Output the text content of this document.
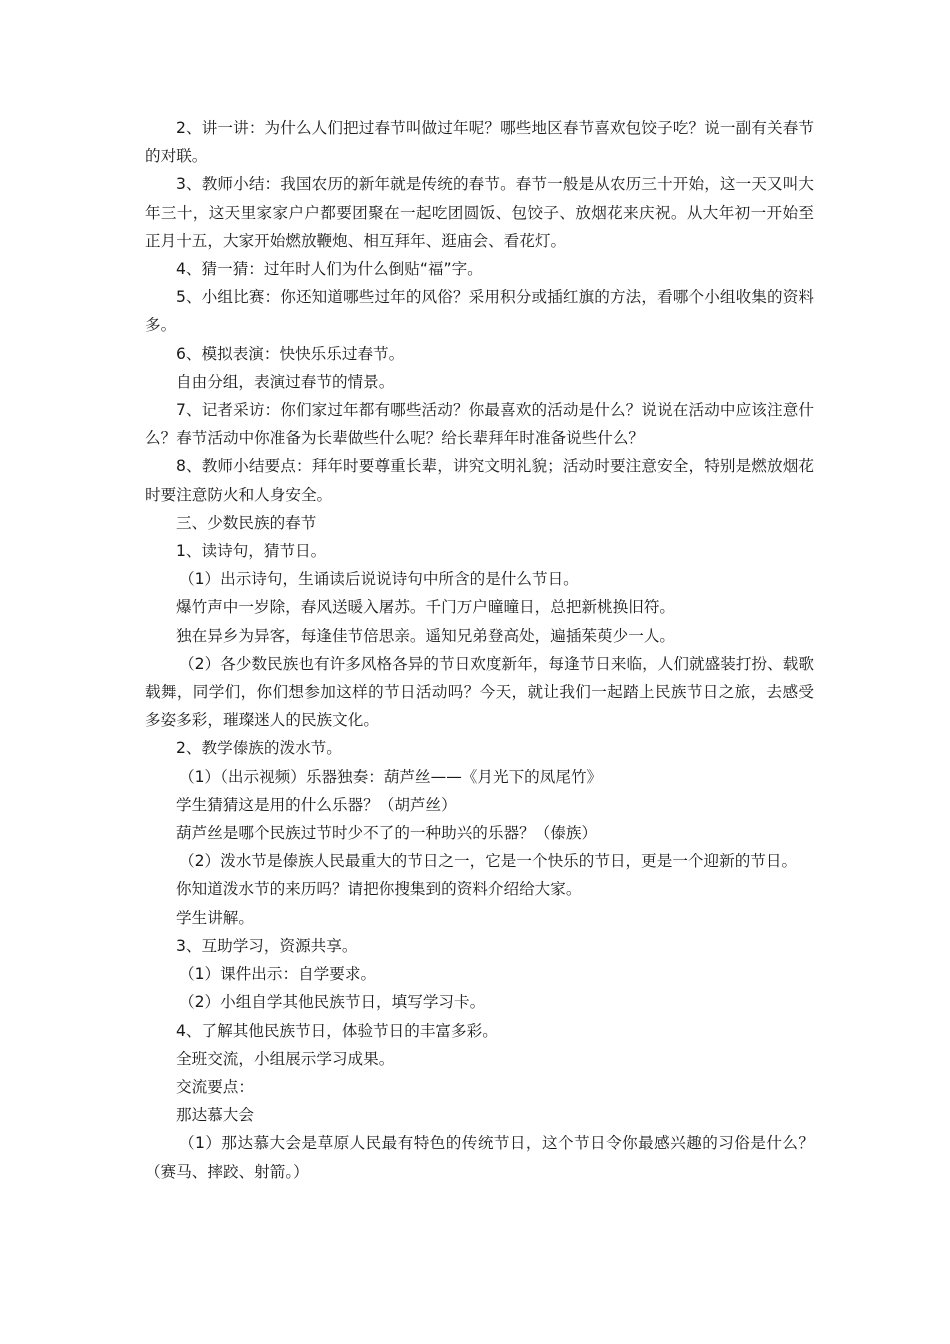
2、讲一讲：为什么人们把过春节叫做过年呢？哪些地区春节喜欢包饺子吃？说一副有关春节的对联。

3、教师小结：我国农历的新年就是传统的春节。春节一般是从农历三十开始，这一天又叫大年三十，这天里家家户户都要团聚在一起吃团圆饭、包饺子、放烟花来庆祝。从大年初一开始至正月十五，大家开始燃放鞭炮、相互拜年、逛庙会、看花灯。

4、猜一猜：过年时人们为什么倒贴“福”字。

5、小组比赛：你还知道哪些过年的风俗？采用积分或插红旗的方法，看哪个小组收集的资料多。

6、模拟表演：快快乐乐过春节。

自由分组，表演过春节的情景。

7、记者采访：你们家过年都有哪些活动？你最喜欢的活动是什么？说说在活动中应该注意什么？春节活动中你准备为长辈做些什么呢？给长辈拜年时准备说些什么？

8、教师小结要点：拜年时要尊重长辈，讲究文明礼貌；活动时要注意安全，特别是燃放烟花时要注意防火和人身安全。

三、少数民族的春节

1、读诗句，猜节日。

（1）出示诗句，生诵读后说说诗句中所含的是什么节日。

爆竹声中一岁除，春风送暖入屠苏。千门万户曈曈日，总把新桃换旧符。

独在异乡为异客，每逢佳节倍思亲。遥知兄弟登高处，遍插茱萸少一人。

（2）各少数民族也有许多风格各异的节日欢度新年，每逢节日来临，人们就盛装打扮、载歌载舞，同学们，你们想参加这样的节日活动吗？今天，就让我们一起踏上民族节日之旅，去感受多姿多彩，璀璨迷人的民族文化。

2、教学傣族的泼水节。

（1）（出示视频）乐器独奏：葫芦丝——《月光下的凤尾竹》

学生猜猜这是用的什么乐器？（胡芦丝）

葫芦丝是哪个民族过节时少不了的一种助兴的乐器？（傣族）

（2）泼水节是傣族人民最重大的节日之一，它是一个快乐的节日，更是一个迎新的节日。

你知道泼水节的来历吗？请把你搜集到的资料介绍给大家。

学生讲解。

3、互助学习，资源共享。

（1）课件出示：自学要求。

（2）小组自学其他民族节日，填写学习卡。

4、了解其他民族节日，体验节日的丰富多彩。

全班交流，小组展示学习成果。

交流要点：

那达慕大会

（1）那达慕大会是草原人民最有特色的传统节日，这个节日令你最感兴趣的习俗是什么？（赛马、摔跤、射箭。）
